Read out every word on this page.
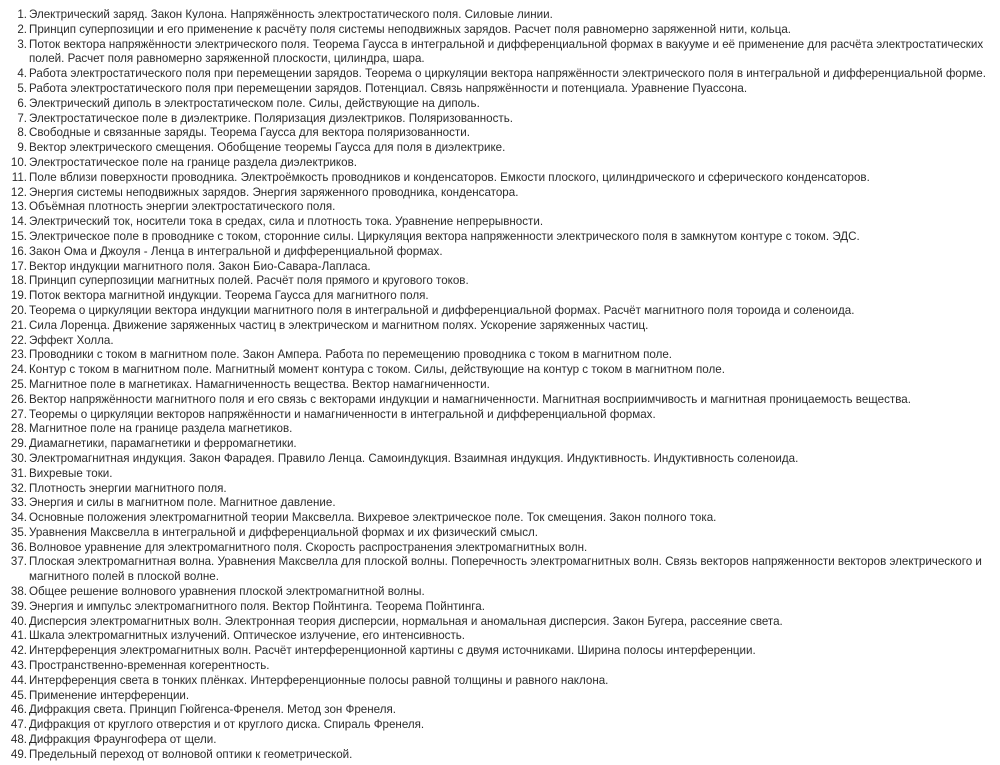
1. Электрический заряд. Закон Кулона. Напряжённость электростатического поля. Силовые линии.
2. Принцип суперпозиции и его применение к расчёту поля системы неподвижных зарядов. Расчет поля равномерно заряженной нити, кольца.
3. Поток вектора напряжённости электрического поля. Теорема Гаусса в интегральной и дифференциальной формах в вакууме и её применение для расчёта электростатических полей. Расчет поля равномерно заряженной плоскости, цилиндра, шара.
4. Работа электростатического поля при перемещении зарядов. Теорема о циркуляции вектора напряжённости электрического поля в интегральной и дифференциальной форме.
5. Работа электростатического поля при перемещении зарядов. Потенциал. Связь напряжённости и потенциала. Уравнение Пуассона.
6. Электрический диполь в электростатическом поле. Силы, действующие на диполь.
7. Электростатическое поле в диэлектрике. Поляризация диэлектриков. Поляризованность.
8. Свободные и связанные заряды. Теорема Гаусса для вектора поляризованности.
9. Вектор электрического смещения. Обобщение теоремы Гаусса для поля в диэлектрике.
10. Электростатическое поле на границе раздела диэлектриков.
11. Поле вблизи поверхности проводника. Электроёмкость проводников и конденсаторов. Емкости плоского, цилиндрического и сферического конденсаторов.
12. Энергия системы неподвижных зарядов. Энергия заряженного проводника, конденсатора.
13. Объёмная плотность энергии электростатического поля.
14. Электрический ток, носители тока в средах, сила и плотность тока. Уравнение непрерывности.
15. Электрическое поле в проводнике с током, сторонние силы. Циркуляция вектора напряженности электрического поля в замкнутом контуре с током. ЭДС.
16. Закон Ома и Джоуля - Ленца в интегральной и дифференциальной формах.
17. Вектор индукции магнитного поля. Закон Био-Савара-Лапласа.
18. Принцип суперпозиции магнитных полей. Расчёт поля прямого и кругового токов.
19. Поток вектора магнитной индукции. Теорема Гаусса для магнитного поля.
20. Теорема о циркуляции вектора индукции магнитного поля в интегральной и дифференциальной формах. Расчёт магнитного поля тороида и соленоида.
21. Сила Лоренца. Движение заряженных частиц в электрическом и магнитном полях. Ускорение заряженных частиц.
22. Эффект Холла.
23. Проводники с током в магнитном поле. Закон Ампера. Работа по перемещению проводника с током в магнитном поле.
24. Контур с током в магнитном поле. Магнитный момент контура с током. Силы, действующие на контур с током в магнитном поле.
25. Магнитное поле в магнетиках. Намагниченность вещества. Вектор намагниченности.
26. Вектор напряжённости магнитного поля и его связь с векторами индукции и намагниченности. Магнитная восприимчивость и магнитная проницаемость вещества.
27. Теоремы о циркуляции векторов напряжённости и намагниченности в интегральной и дифференциальной формах.
28. Магнитное поле на границе раздела магнетиков.
29. Диамагнетики, парамагнетики и ферромагнетики.
30. Электромагнитная индукция. Закон Фарадея. Правило Ленца. Самоиндукция. Взаимная индукция. Индуктивность. Индуктивность соленоида.
31. Вихревые токи.
32. Плотность энергии магнитного поля.
33. Энергия и силы в магнитном поле. Магнитное давление.
34. Основные положения электромагнитной теории Максвелла. Вихревое электрическое поле. Ток смещения. Закон полного тока.
35. Уравнения Максвелла в интегральной и дифференциальной формах и их физический смысл.
36. Волновое уравнение для электромагнитного поля. Скорость распространения электромагнитных волн.
37. Плоская электромагнитная волна. Уравнения Максвелла для плоской волны. Поперечность электромагнитных волн. Связь векторов напряженности векторов электрического и магнитного полей в плоской волне.
38. Общее решение волнового уравнения плоской электромагнитной волны.
39. Энергия и импульс электромагнитного поля. Вектор Пойнтинга. Теорема Пойнтинга.
40. Дисперсия электромагнитных волн. Электронная теория дисперсии, нормальная и аномальная дисперсия. Закон Бугера, рассеяние света.
41. Шкала электромагнитных излучений. Оптическое излучение, его интенсивность.
42. Интерференция электромагнитных волн. Расчёт интерференционной картины с двумя источниками. Ширина полосы интерференции.
43. Пространственно-временная когерентность.
44. Интерференция света в тонких плёнках. Интерференционные полосы равной толщины и равного наклона.
45. Применение интерференции.
46. Дифракция света. Принцип Гюйгенса-Френеля. Метод зон Френеля.
47. Дифракция от круглого отверстия и от круглого диска. Спираль Френеля.
48. Дифракция Фраунгофера от щели.
49. Предельный переход от волновой оптики к геометрической.
